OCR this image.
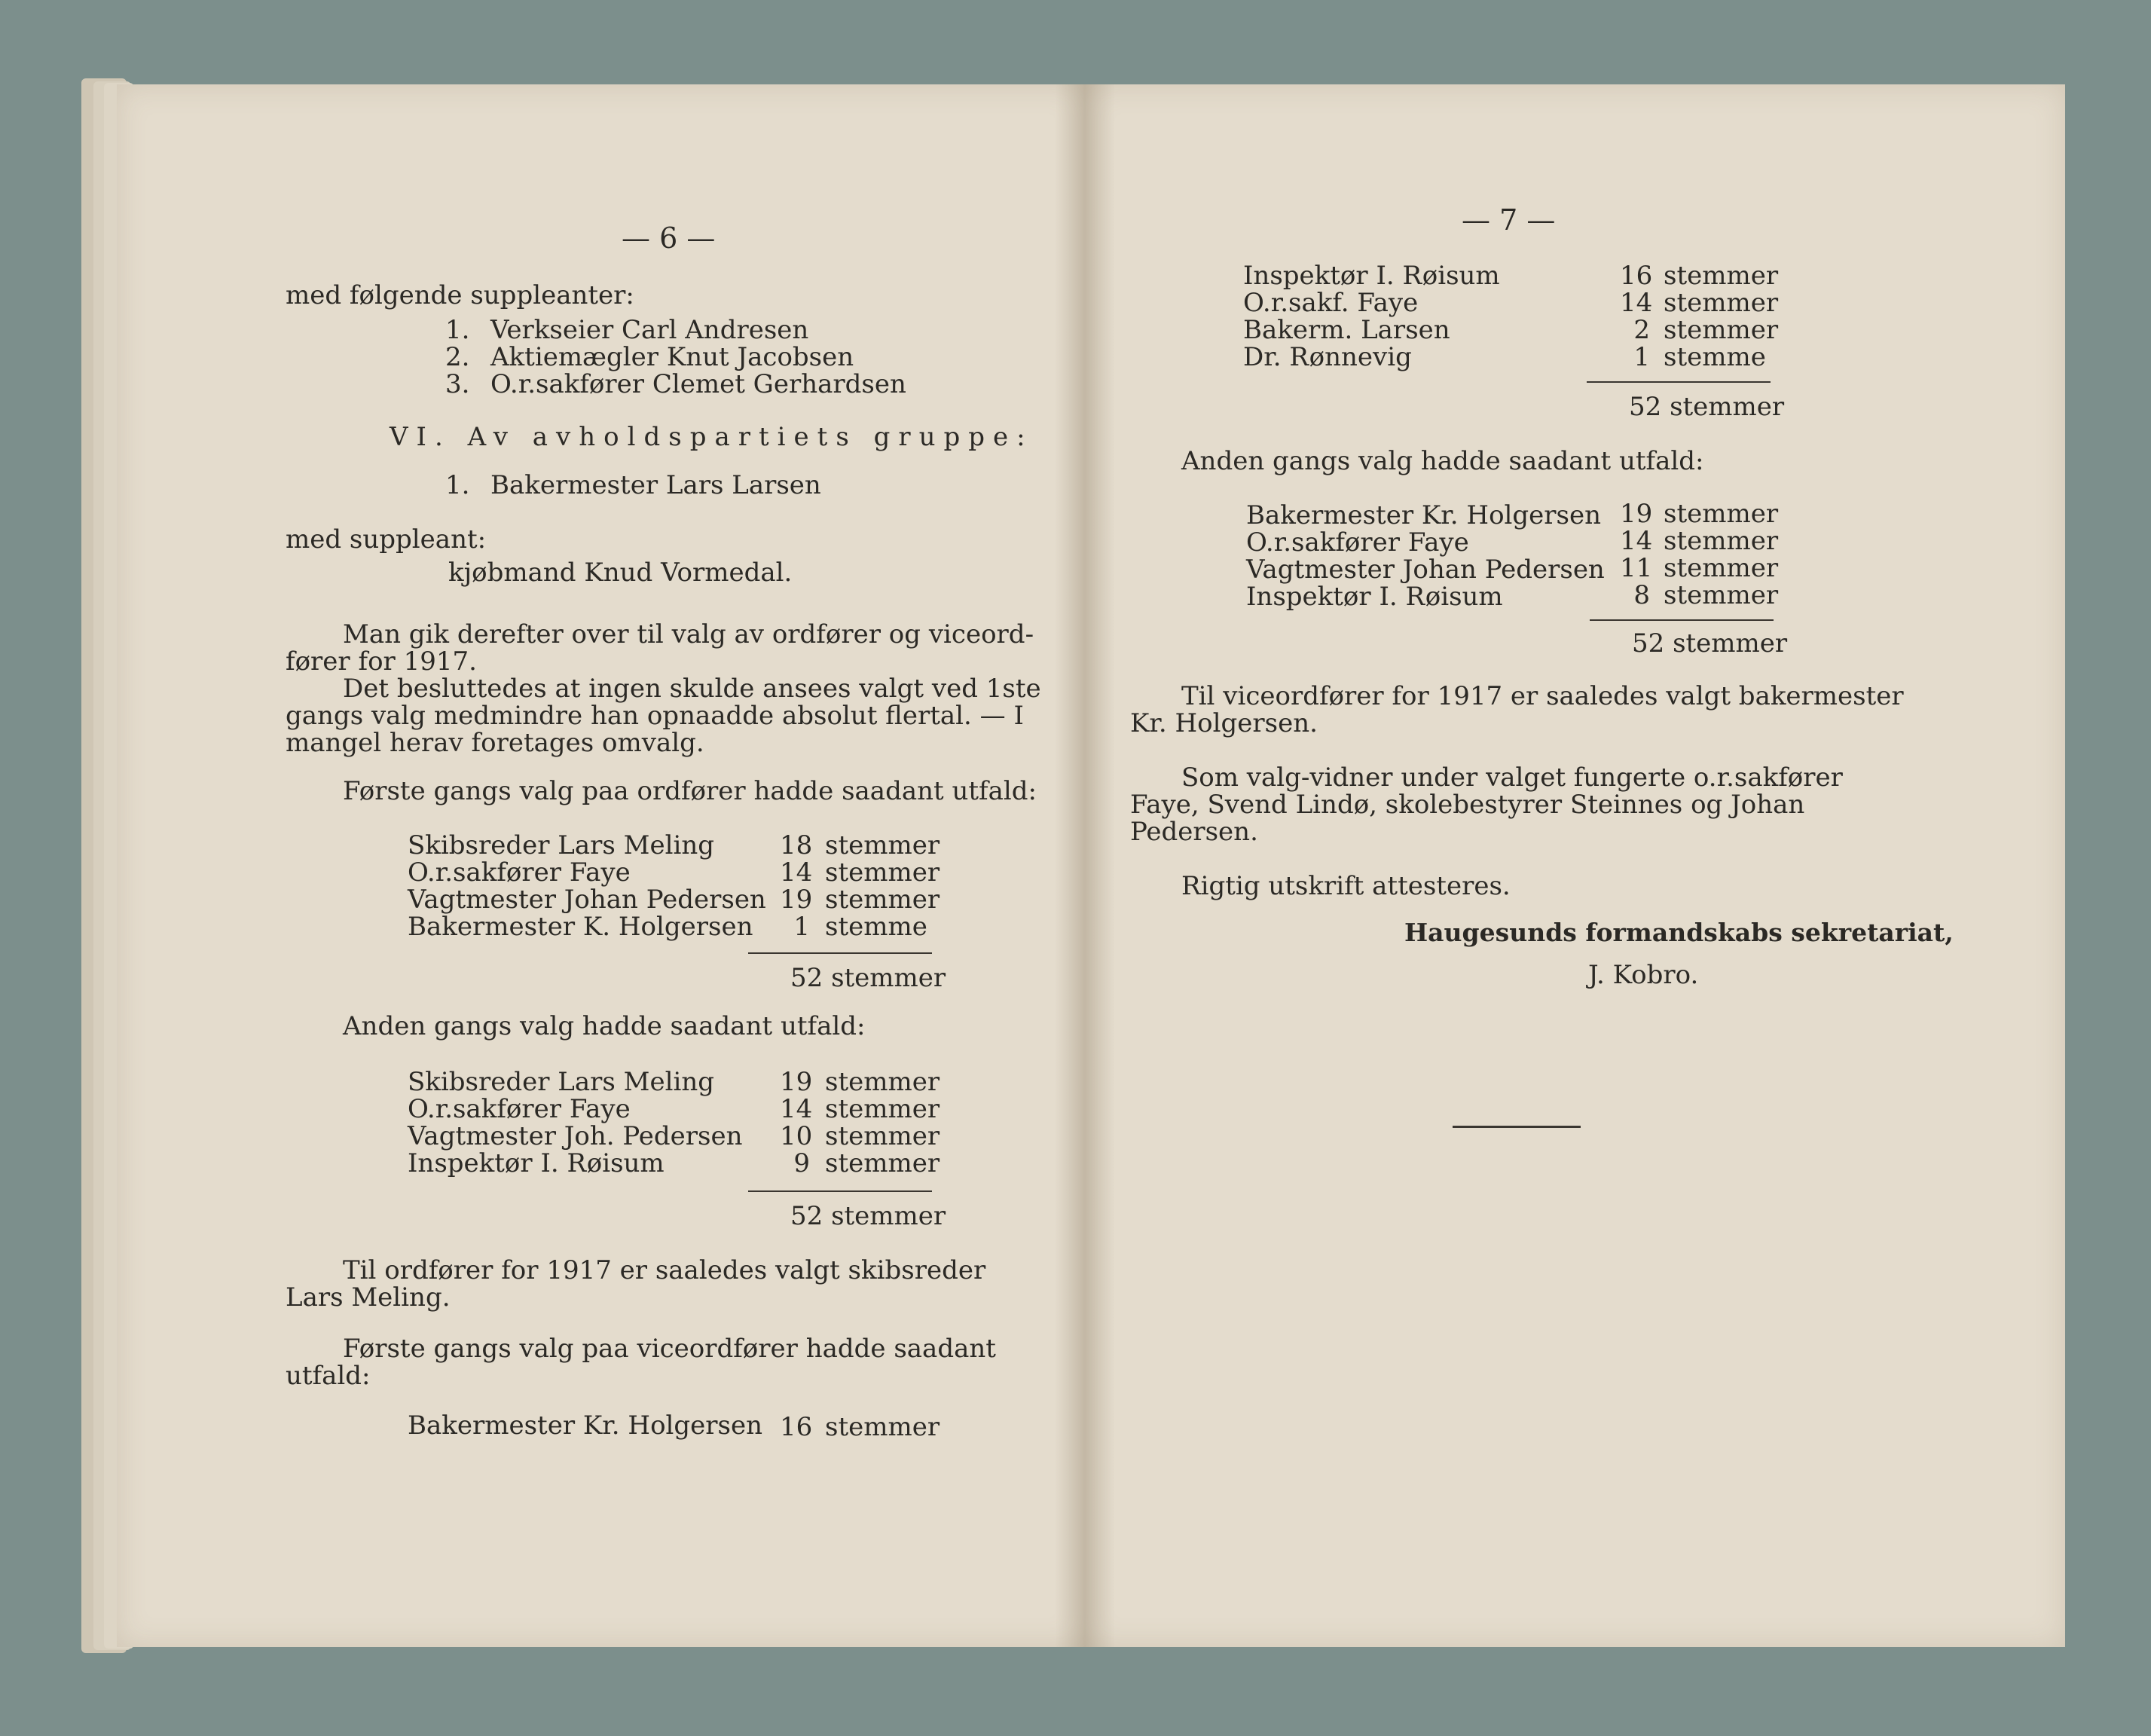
— 6 —
med følgende suppleanter:
1. Verkseier Carl Andresen
2. Aktiemægler Knut Jacobsen
3. O.r.sakfører Clemet Gerhardsen
VI. Av avholdspartiets gruppe:
1. Bakermester Lars Larsen
med suppleant:
kjøbmand Knud Vormedal.
Man gik derefter over til valg av ordfører og viceord-
fører for 1917.
Det besluttedes at ingen skulde ansees valgt ved 1ste
gangs valg medmindre han opnaadde absolut flertal. — I
mangel herav foretages omvalg.
Første gangs valg paa ordfører hadde saadant utfald:
Skibsreder Lars Meling	18 stemmer
O.r.sakfører Faye	14 stemmer
Vagtmester Johan Pedersen 19 stemmer
Bakermester K. Holgersen	1 stemme
52 stemmer
Anden gangs valg hadde saadant utfald:
Skibsreder Lars Meling	19 stemmer
O.r.sakfører Faye	14 stemmer
Vagtmester Joh. Pedersen 10 stemmer
Inspektør I. Røisum	9 stemmer
52 stemmer
Til ordfører for 1917 er saaledes valgt skibsreder
Lars Meling.
Første gangs valg paa viceordfører hadde saadant
utfald:
Bakermester Kr. Holgersen 16 stemmer
— 7 —
Inspektør I. Røisum	16 stemmer
O.r.sakf. Faye	14 stemmer
Bakerm. Larsen	2 stemmer
Dr. Rønnevig	1 stemme
52 stemmer
Anden gangs valg hadde saadant utfald:
Bakermester Kr. Holgersen 19 stemmer
O.r.sakfører Faye	14 stemmer
Vagtmester Johan Pedersen 11 stemmer
Inspektør I. Røisum	8 stemmer
52 stemmer
Til viceordfører for 1917 er saaledes valgt bakermester
Kr. Holgersen.
Som valg-vidner under valget fungerte o.r.sakfører
Faye, Svend Lindø, skolebestyrer Steinnes og Johan
Pedersen.
Rigtig utskrift attesteres.
Haugesunds formandskabs sekretariat,
J. Kobro.
